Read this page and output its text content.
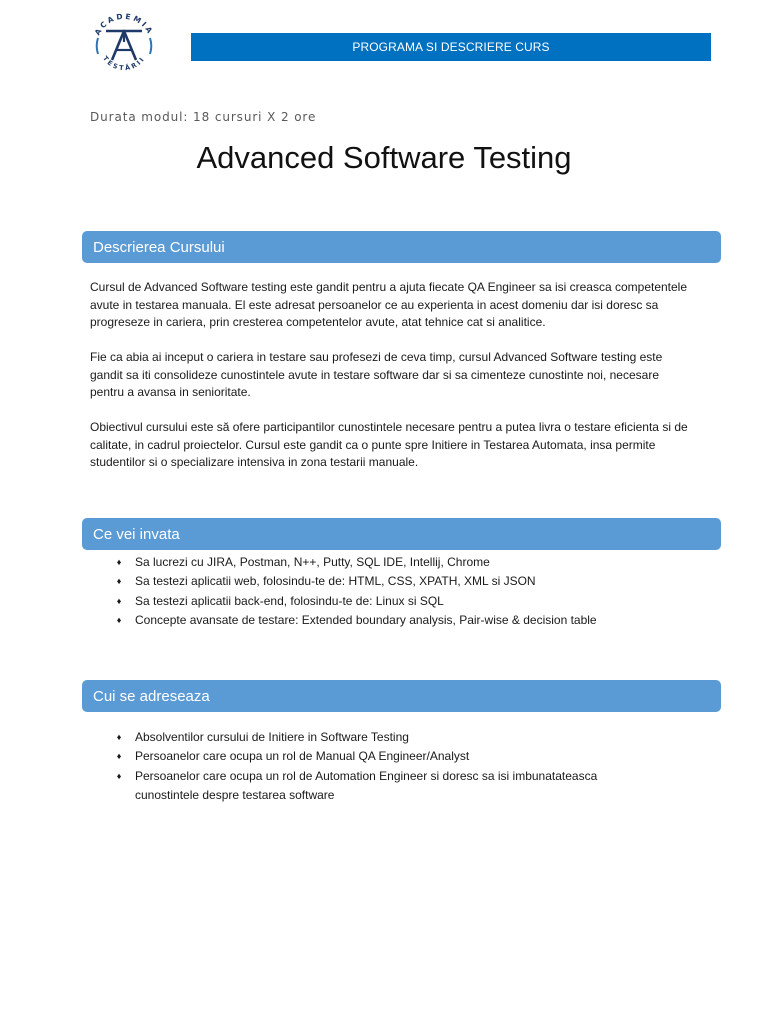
ACADEMIA
TESTĂRII
PROGRAMA SI DESCRIERE CURS
Durata modul: 18 cursuri X 2 ore
Advanced Software Testing
Descrierea Cursului

Cursul de Advanced Software testing este gandit pentru a ajuta fiecate QA Engineer sa isi creasca competentele avute in testarea manuala. El este adresat persoanelor ce au experienta in acest domeniu dar isi doresc sa progreseze in cariera, prin cresterea competentelor avute, atat tehnice cat si analitice.

Fie ca abia ai inceput o cariera in testare sau profesezi de ceva timp, cursul Advanced Software testing este gandit sa iti consolideze cunostintele avute in testare software dar si sa cimenteze cunostinte noi, necesare pentru a avansa in senioritate.

Obiectivul cursului este să ofere participantilor cunostintele necesare pentru a putea livra o testare eficienta si de calitate, in cadrul proiectelor. Cursul este gandit ca o punte spre Initiere in Testarea Automata, insa permite studentilor si o specializare intensiva in zona testarii manuale.

Ce vei invata
♦ Sa lucrezi cu JIRA, Postman, N++, Putty, SQL IDE, Intellij, Chrome
♦ Sa testezi aplicatii web, folosindu-te de: HTML, CSS, XPATH, XML si JSON
♦ Sa testezi aplicatii back-end, folosindu-te de: Linux si SQL
♦ Concepte avansate de testare: Extended boundary analysis, Pair-wise & decision table
Cui se adreseaza
♦ Absolventilor cursului de Initiere in Software Testing
♦ Persoanelor care ocupa un rol de Manual QA Engineer/Analyst
♦ Persoanelor care ocupa un rol de Automation Engineer si doresc sa isi imbunatateasca cunostintele despre testarea software
